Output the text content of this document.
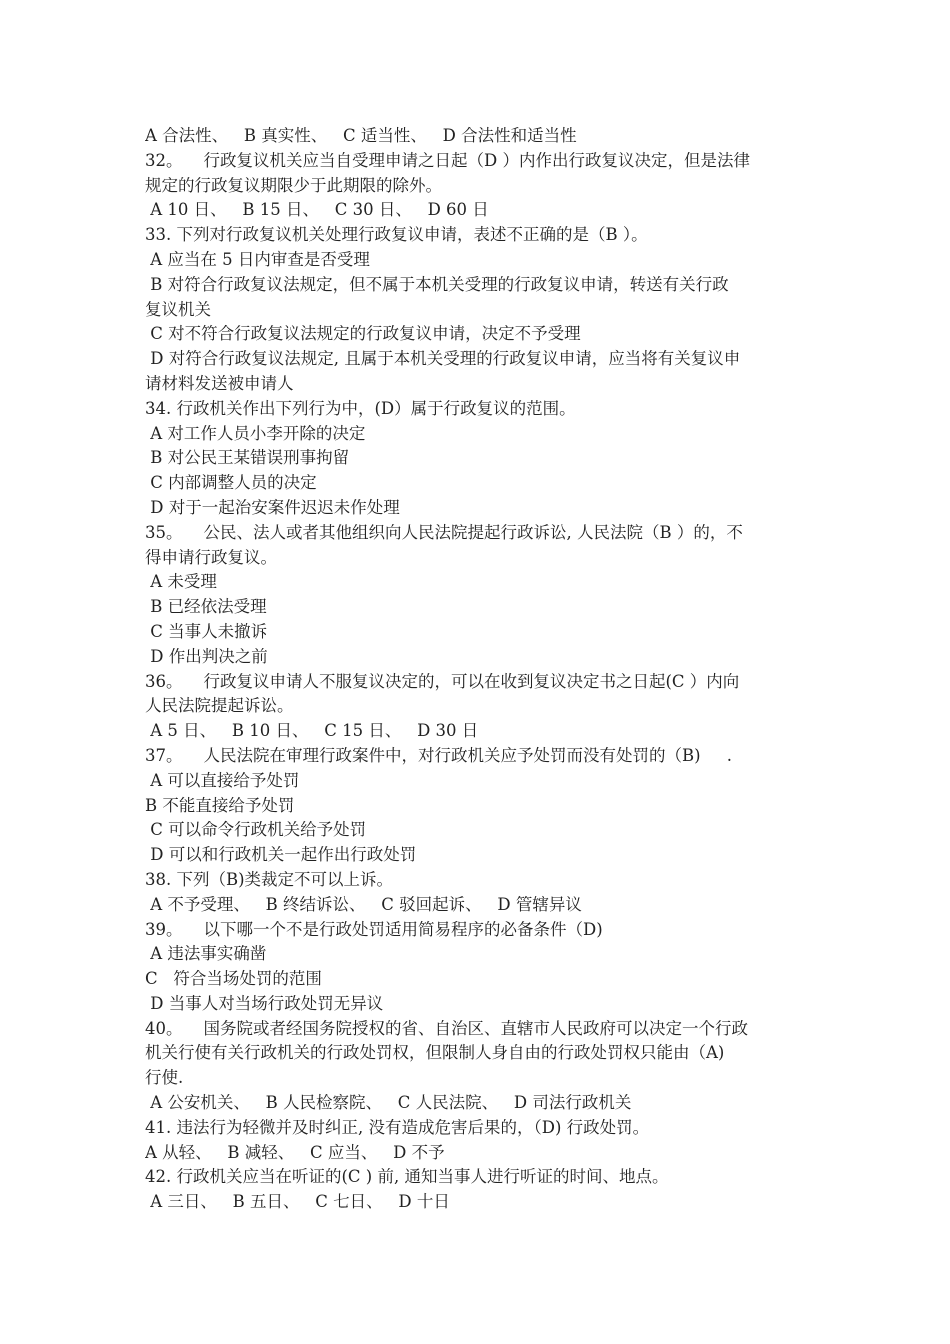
A 合法性、   B 真实性、   C 适当性、   D 合法性和适当性
32。    行政复议机关应当自受理申请之日起（D ）内作出行政复议决定，但是法律
规定的行政复议期限少于此期限的除外。
A 10 日、   B 15 日、   C 30 日、   D 60 日
33. 下列对行政复议机关处理行政复议申请，表述不正确的是（B ）。
A 应当在 5 日内审查是否受理
B 对符合行政复议法规定，但不属于本机关受理的行政复议申请，转送有关行政
复议机关
C 对不符合行政复议法规定的行政复议申请，决定不予受理
D 对符合行政复议法规定, 且属于本机关受理的行政复议申请，应当将有关复议申
请材料发送被申请人
34. 行政机关作出下列行为中，(D）属于行政复议的范围。
A 对工作人员小李开除的决定
B 对公民王某错误刑事拘留
C 内部调整人员的决定
D 对于一起治安案件迟迟未作处理
35。    公民、法人或者其他组织向人民法院提起行政诉讼, 人民法院（B ）的，不
得申请行政复议。
A 未受理
B 已经依法受理
C 当事人未撤诉
D 作出判决之前
36。    行政复议申请人不服复议决定的，可以在收到复议决定书之日起(C ）内向
人民法院提起诉讼。
A 5 日、   B 10 日、   C 15 日、   D 30 日
37。    人民法院在审理行政案件中，对行政机关应予处罚而没有处罚的（B)     .
A 可以直接给予处罚
B 不能直接给予处罚
C 可以命令行政机关给予处罚
D 可以和行政机关一起作出行政处罚
38. 下列（B)类裁定不可以上诉。
A 不予受理、   B 终结诉讼、   C 驳回起诉、   D 管辖异议
39。    以下哪一个不是行政处罚适用简易程序的必备条件（D)
A 违法事实确凿
C   符合当场处罚的范围
D 当事人对当场行政处罚无异议
40。    国务院或者经国务院授权的省、自治区、直辖市人民政府可以决定一个行政
机关行使有关行政机关的行政处罚权，但限制人身自由的行政处罚权只能由（A)
行使.
A 公安机关、   B 人民检察院、   C 人民法院、   D 司法行政机关
41. 违法行为轻微并及时纠正, 没有造成危害后果的，（D) 行政处罚。
A 从轻、   B 减轻、   C 应当、   D 不予
42. 行政机关应当在听证的(C ) 前, 通知当事人进行听证的时间、地点。
A 三日、   B 五日、   C 七日、   D 十日
